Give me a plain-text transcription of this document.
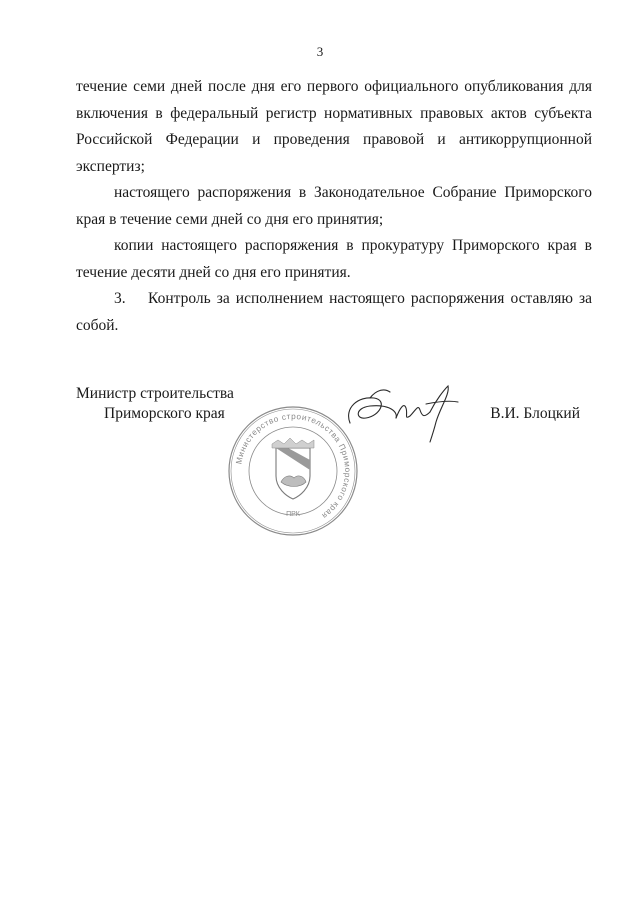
3

течение семи дней после дня его первого официального опубликования для включения в федеральный регистр нормативных правовых актов субъекта Российской Федерации и проведения правовой и антикоррупционной экспертиз;

настоящего распоряжения в Законодательное Собрание Приморского края в течение семи дней со дня его принятия;

копии настоящего распоряжения в прокуратуру Приморского края в течение десяти дней со дня его принятия.

3. Контроль за исполнением настоящего распоряжения оставляю за собой.

Министр строительства
Приморского края	В.И. Блоцкий
Министерство строительства Приморского края
ПРК
